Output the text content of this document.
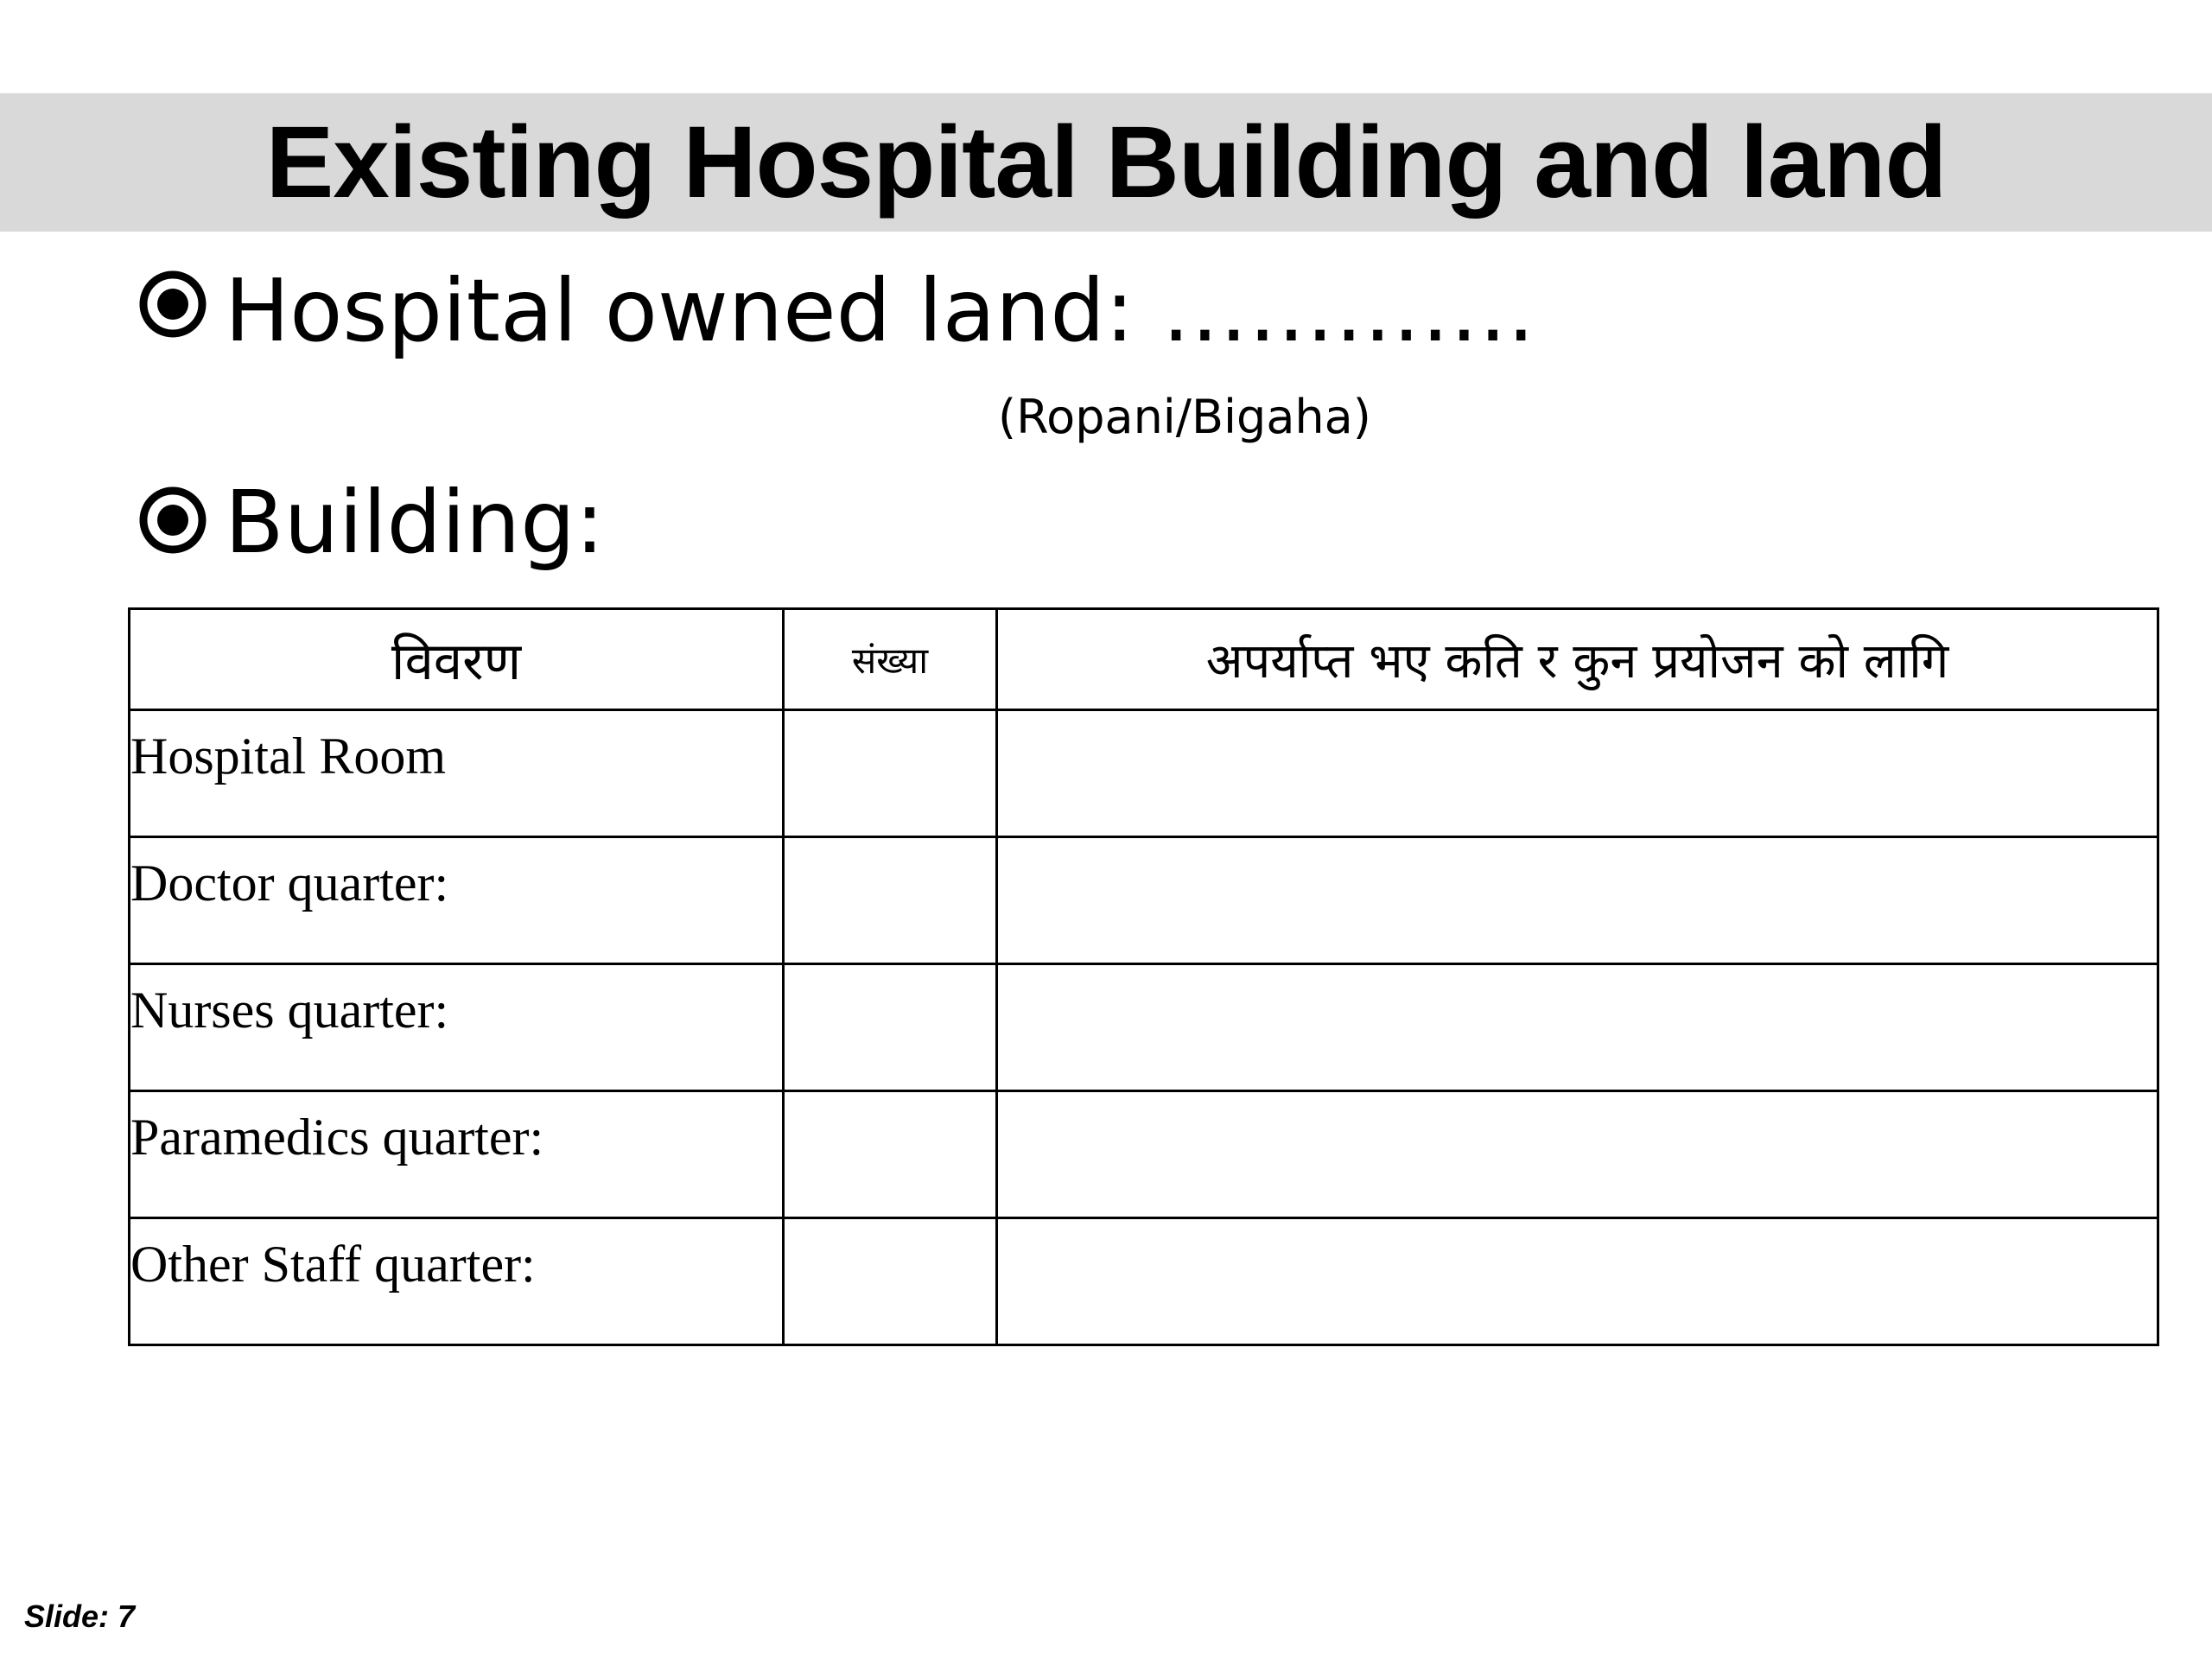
Existing Hospital Building and land
Hospital owned land: ………….
(Ropani/Bigaha)
Building:
विवरण	संख्या	अपर्याप्त भए कति र कुन प्रयोजन को लागि
Hospital Room		
Doctor quarter:		
Nurses quarter:		
Paramedics quarter:		
Other Staff quarter:		
Slide: 7
